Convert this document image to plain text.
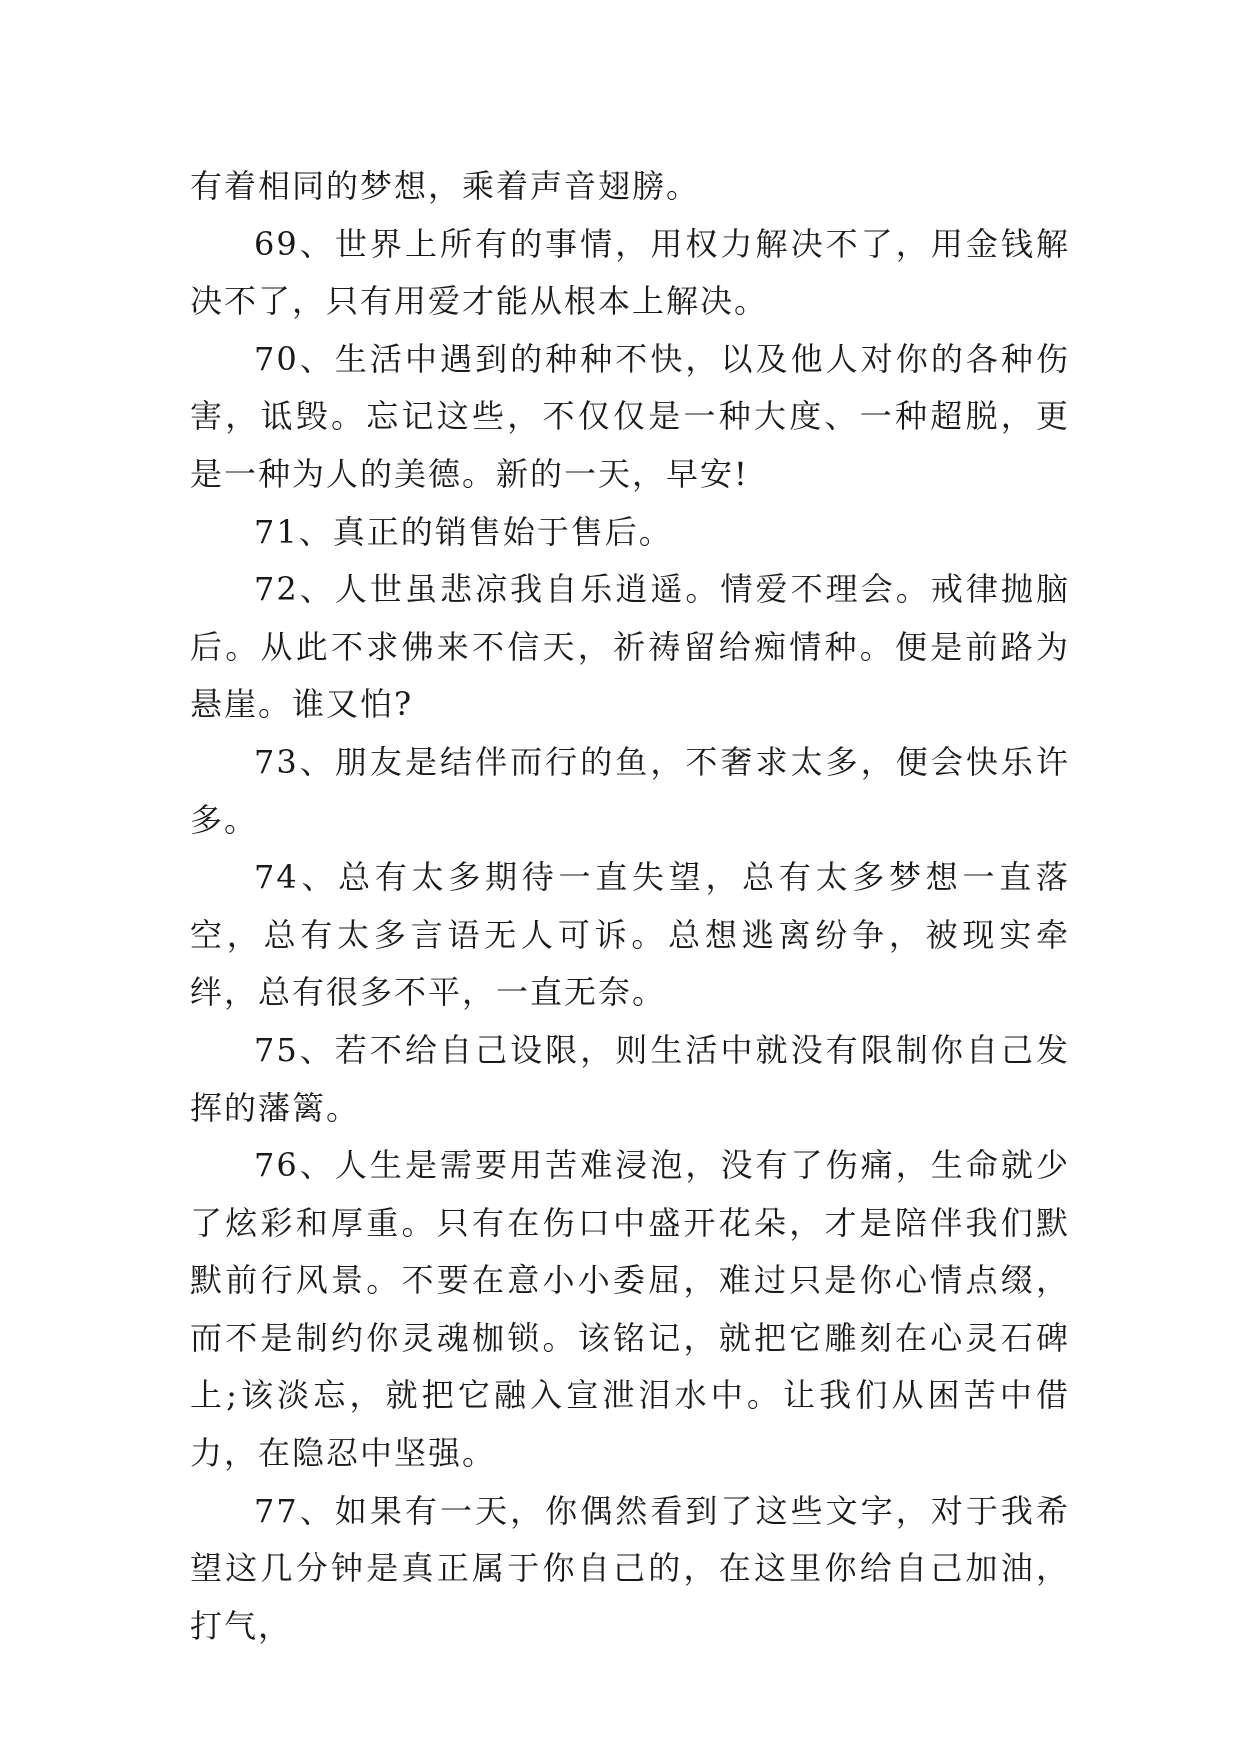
有着相同的梦想，乘着声音翅膀。

69、世界上所有的事情，用权力解决不了，用金钱解决不了，只有用爱才能从根本上解决。

70、生活中遇到的种种不快，以及他人对你的各种伤害，诋毁。忘记这些，不仅仅是一种大度、一种超脱，更是一种为人的美德。新的一天，早安!

71、真正的销售始于售后。

72、人世虽悲凉我自乐逍遥。情爱不理会。戒律抛脑后。从此不求佛来不信天，祈祷留给痴情种。便是前路为悬崖。谁又怕?

73、朋友是结伴而行的鱼，不奢求太多，便会快乐许多。

74、总有太多期待一直失望，总有太多梦想一直落空，总有太多言语无人可诉。总想逃离纷争，被现实牵绊，总有很多不平，一直无奈。

75、若不给自己设限，则生活中就没有限制你自己发挥的藩篱。

76、人生是需要用苦难浸泡，没有了伤痛，生命就少了炫彩和厚重。只有在伤口中盛开花朵，才是陪伴我们默默前行风景。不要在意小小委屈，难过只是你心情点缀，而不是制约你灵魂枷锁。该铭记，就把它雕刻在心灵石碑上;该淡忘，就把它融入宣泄泪水中。让我们从困苦中借力，在隐忍中坚强。

77、如果有一天，你偶然看到了这些文字，对于我希望这几分钟是真正属于你自己的，在这里你给自己加油，打气，
